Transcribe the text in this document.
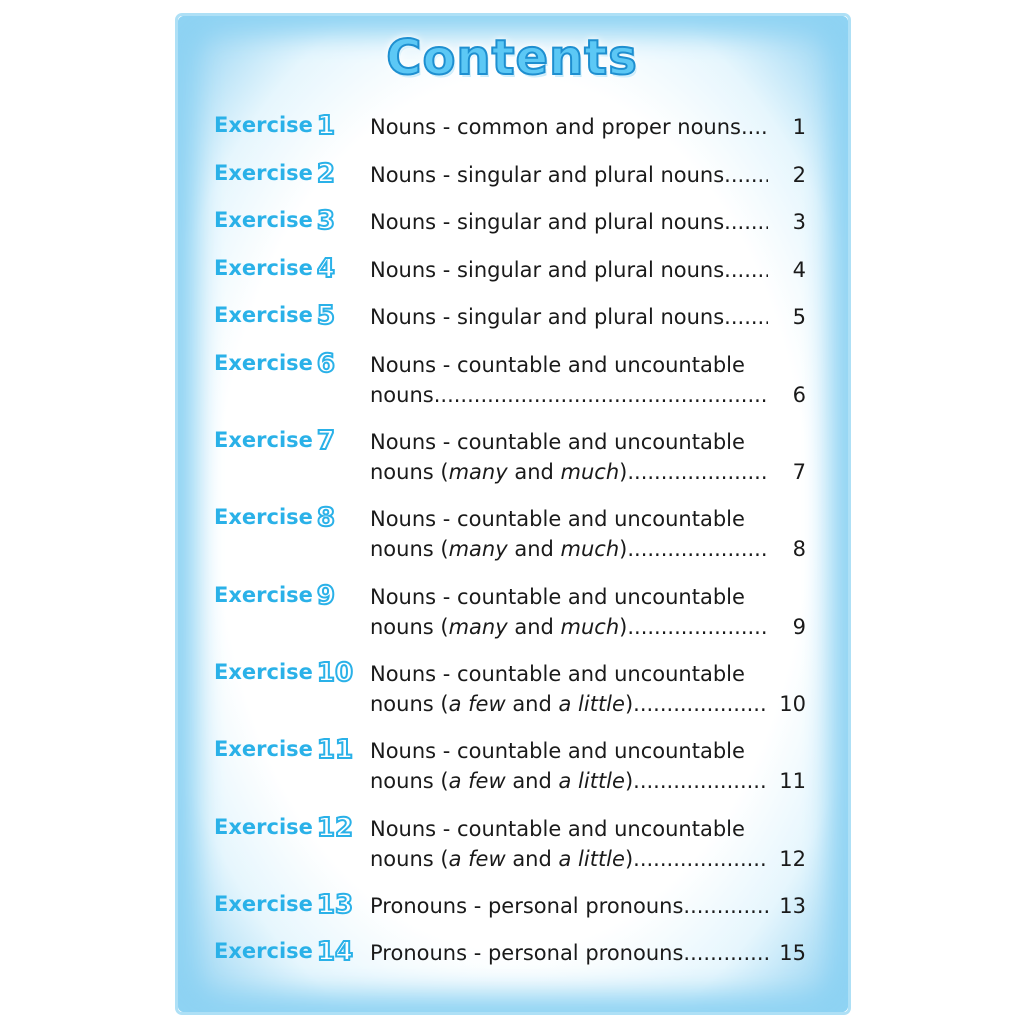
Contents
Exercise 1 Nouns - common and proper nouns .....	1
Exercise 2 Nouns - singular and plural nouns .....	2
Exercise 3 Nouns - singular and plural nouns .....	3
Exercise 4 Nouns - singular and plural nouns .....	4
Exercise 5 Nouns - singular and plural nouns .....	5
Exercise 6 Nouns - countable and uncountable
nouns .....	6
Exercise 7 Nouns - countable and uncountable
nouns (many and much) .....	7
Exercise 8 Nouns - countable and uncountable
nouns (many and much) .....	8
Exercise 9 Nouns - countable and uncountable
nouns (many and much) .....	9
Exercise 10 Nouns - countable and uncountable
nouns (a few and a little) .....	10
Exercise 11 Nouns - countable and uncountable
nouns (a few and a little) .....	11
Exercise 12 Nouns - countable and uncountable
nouns (a few and a little) .....	12
Exercise 13 Pronouns - personal pronouns .....	13
Exercise 14 Pronouns - personal pronouns .....	15
